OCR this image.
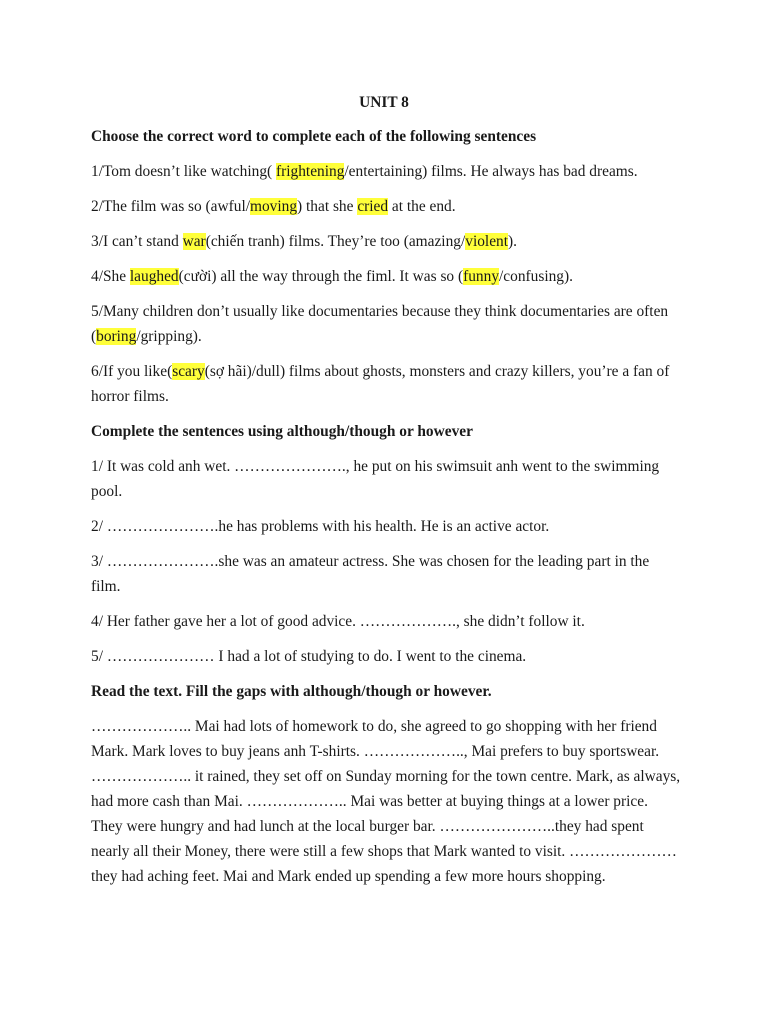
UNIT 8

Choose the correct word to complete each of the following sentences

1/Tom doesn’t like watching( frightening/entertaining) films. He always has bad dreams.

2/The film was so (awful/moving) that she cried at the end.

3/I can’t stand war(chiến tranh) films. They’re too (amazing/violent).

4/She laughed(cười) all the way through the fiml. It was so (funny/confusing).

5/Many children don’t usually like documentaries because they think documentaries are often (boring/gripping).

6/If you like(scary(sợ hãi)/dull) films about ghosts, monsters and crazy killers, you’re a fan of horror films.

Complete the sentences using although/though or however

1/ It was cold anh wet. …………………., he put on his swimsuit anh went to the swimming pool.

2/ ………………….he has problems with his health. He is an active actor.

3/ ………………….she was an amateur actress. She was chosen for the leading part in the film.

4/ Her father gave her a lot of good advice. ………………., she didn’t follow it.

5/ ………………… I had a lot of studying to do. I went to the cinema.

Read the text. Fill the gaps with although/though or however.

……………….. Mai had lots of homework to do, she agreed to go shopping with her friend Mark. Mark loves to buy jeans anh T-shirts. ……………….., Mai prefers to buy sportswear. ……………….. it rained, they set off on Sunday morning for the town centre. Mark, as always, had more cash than Mai. ……………….. Mai was better at buying things at a lower price. They were hungry and had lunch at the local burger bar. …………………..they had spent nearly all their Money, there were still a few shops that Mark wanted to visit. ………………… they had aching feet. Mai and Mark ended up spending a few more hours shopping.
